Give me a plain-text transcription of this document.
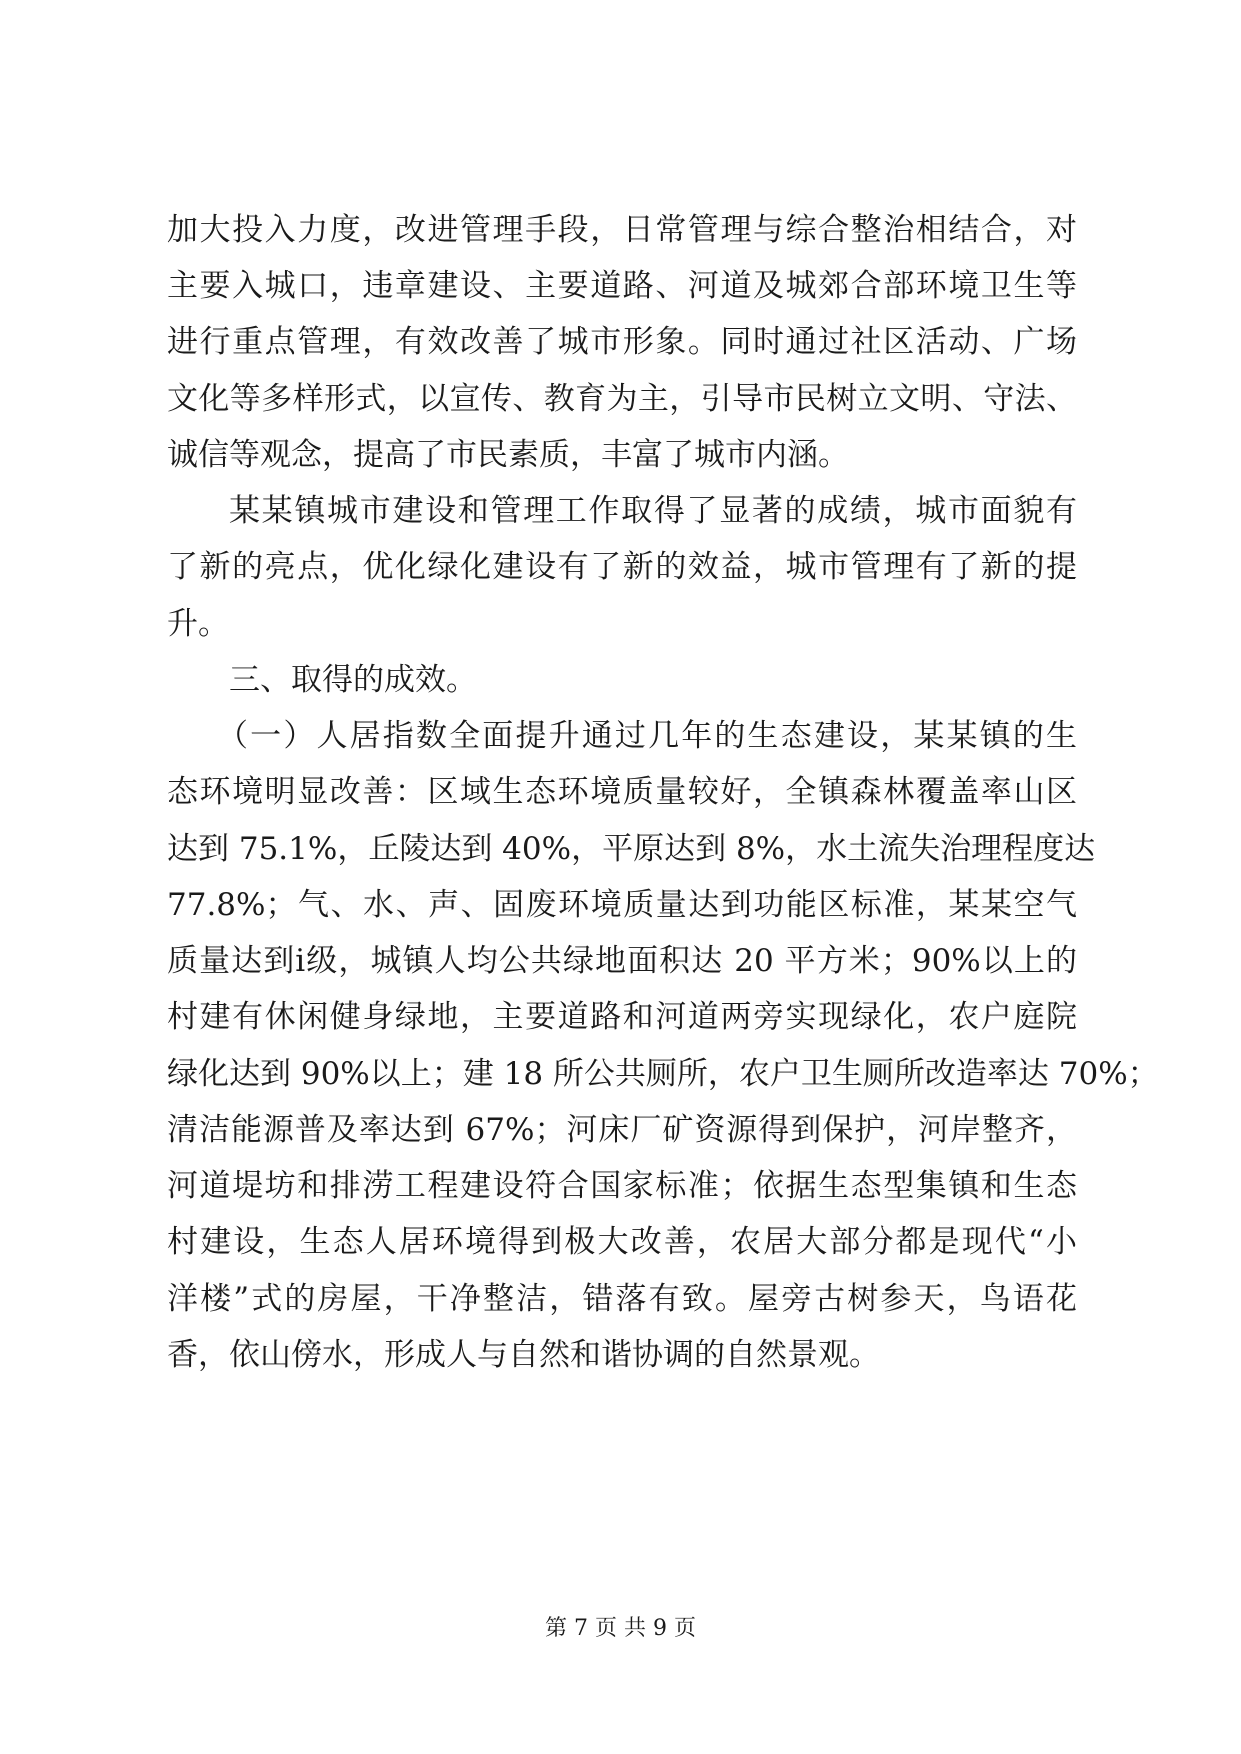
加大投入力度，改进管理手段，日常管理与综合整治相结合，对
主要入城口，违章建设、主要道路、河道及城郊合部环境卫生等
进行重点管理，有效改善了城市形象。同时通过社区活动、广场
文化等多样形式，以宣传、教育为主，引导市民树立文明、守法、
诚信等观念，提高了市民素质，丰富了城市内涵。
某某镇城市建设和管理工作取得了显著的成绩，城市面貌有
了新的亮点，优化绿化建设有了新的效益，城市管理有了新的提
升。
三、取得的成效。
（一）人居指数全面提升通过几年的生态建设，某某镇的生
态环境明显改善：区域生态环境质量较好，全镇森林覆盖率山区
达到 75.1%，丘陵达到 40%，平原达到 8%，水土流失治理程度达
77.8%；气、水、声、固废环境质量达到功能区标准，某某空气
质量达到ⅰ级，城镇人均公共绿地面积达 20 平方米；90%以上的
村建有休闲健身绿地，主要道路和河道两旁实现绿化，农户庭院
绿化达到 90%以上；建 18 所公共厕所，农户卫生厕所改造率达 70%；
清洁能源普及率达到 67%；河床厂矿资源得到保护，河岸整齐，
河道堤坊和排涝工程建设符合国家标准；依据生态型集镇和生态
村建设，生态人居环境得到极大改善，农居大部分都是现代“小
洋楼”式的房屋，干净整洁，错落有致。屋旁古树参天，鸟语花
香，依山傍水，形成人与自然和谐协调的自然景观。
第 7 页 共 9 页
